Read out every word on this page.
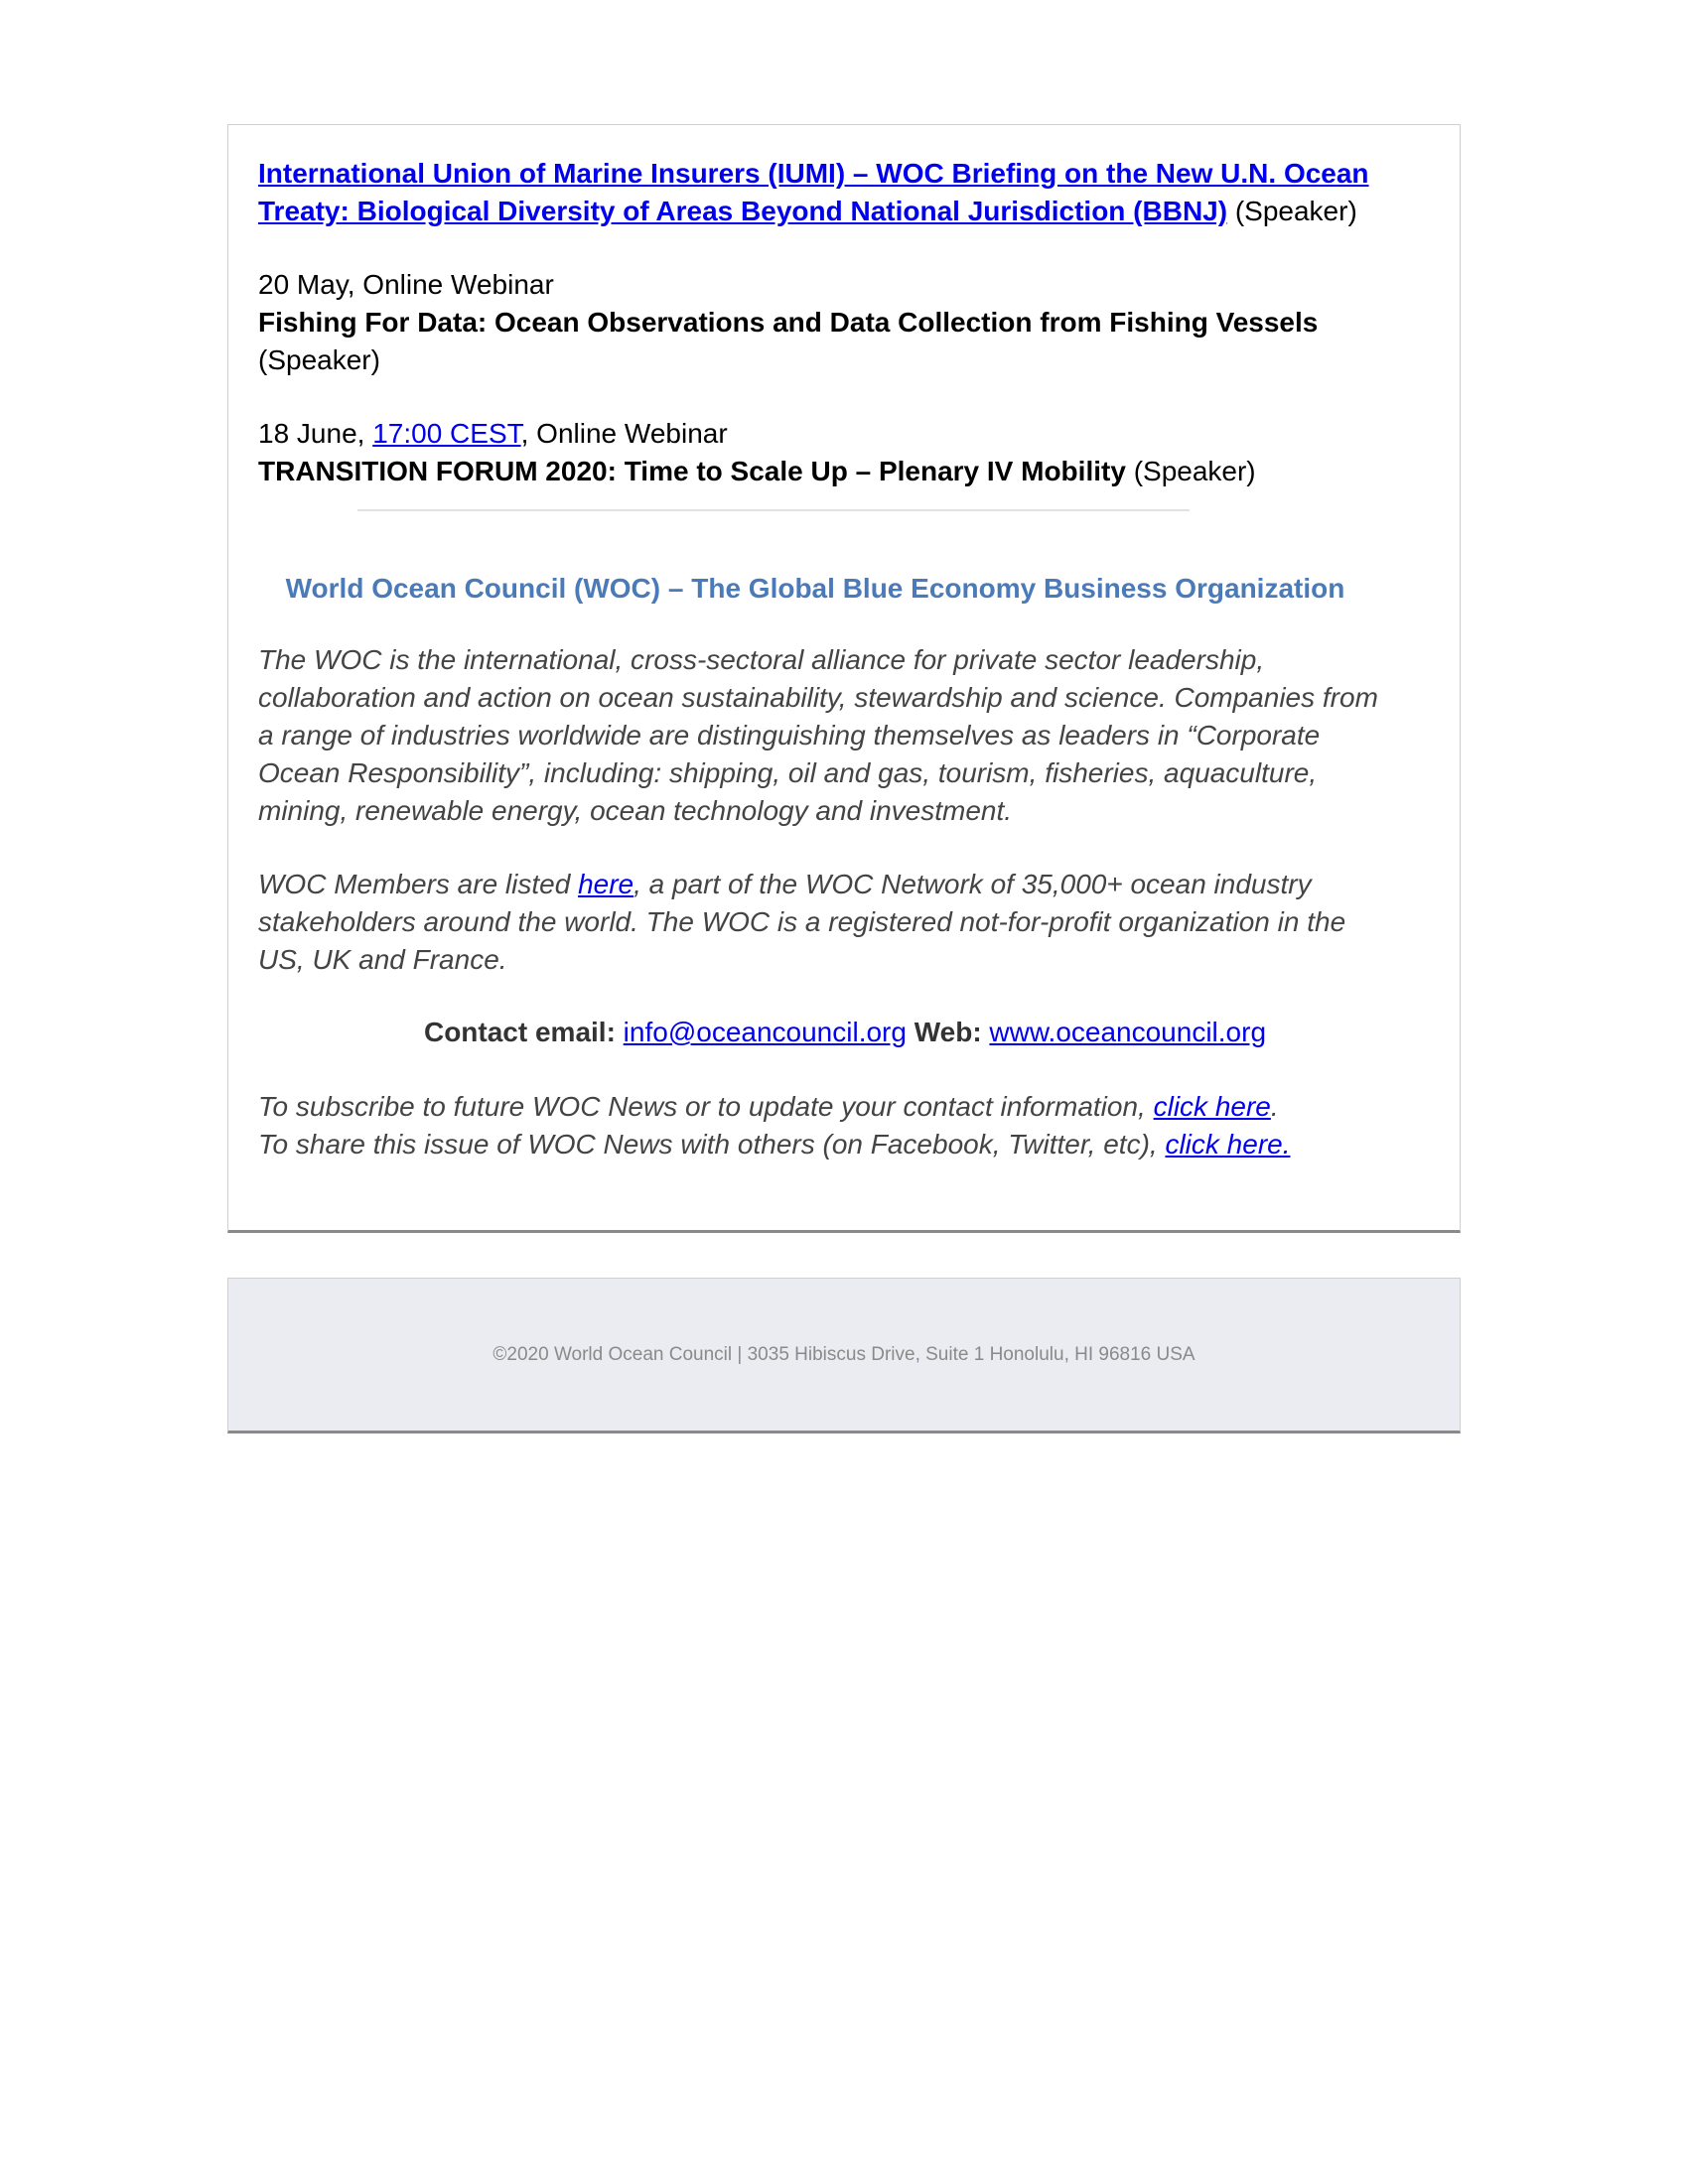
International Union of Marine Insurers (IUMI) – WOC Briefing on the New U.N. Ocean Treaty: Biological Diversity of Areas Beyond National Jurisdiction (BBNJ) (Speaker)

20 May, Online Webinar
Fishing For Data: Ocean Observations and Data Collection from Fishing Vessels (Speaker)

18 June, 17:00 CEST, Online Webinar
TRANSITION FORUM 2020: Time to Scale Up – Plenary IV Mobility (Speaker)

World Ocean Council (WOC) – The Global Blue Economy Business Organization

The WOC is the international, cross-sectoral alliance for private sector leadership, collaboration and action on ocean sustainability, stewardship and science. Companies from a range of industries worldwide are distinguishing themselves as leaders in “Corporate Ocean Responsibility”, including: shipping, oil and gas, tourism, fisheries, aquaculture, mining, renewable energy, ocean technology and investment.

WOC Members are listed here, a part of the WOC Network of 35,000+ ocean industry stakeholders around the world. The WOC is a registered not-for-profit organization in the US, UK and France.

Contact email: info@oceancouncil.org Web: www.oceancouncil.org

To subscribe to future WOC News or to update your contact information, click here.
To share this issue of WOC News with others (on Facebook, Twitter, etc), click here.

©2020 World Ocean Council | 3035 Hibiscus Drive, Suite 1 Honolulu, HI 96816 USA
